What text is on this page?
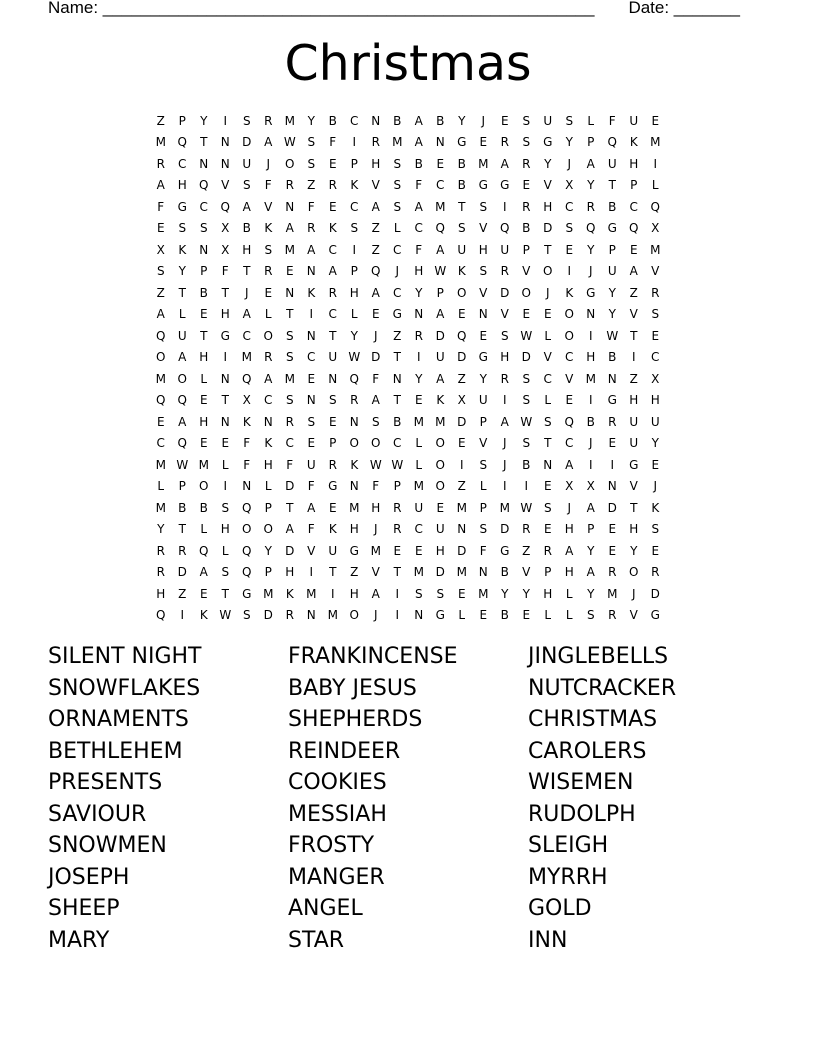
Name: ____________________________________________________ Date: _______
Christmas
Z	P	Y	I	S	R	M	Y	B	C	N	B	A	B	Y	J	E	S	U	S	L	F	U	E
M Q	T	N	D	A W S	F	I	R	M	A	N	G	E	R	S	G	Y	P	Q	K	M
R	C	N	N	U	J	O	S	E	P	H	S	B	E	B	M	A	R	Y	J	A	U	H	I
A	H	Q	V	S	F	R	Z	R	K	V	S	F	C	B	G	G	E	V	X	Y	T	P	L
F	G	C	Q	A	V	N	F	E	C	A	S	A	M	T	S	I	R	H	C	R	B	C	Q
E	S	S	X	B	K	A	R	K	S	Z	L	C	Q	S	V	Q	B	D	S	Q	G	Q	X
X	K	N	X	H	S	M	A	C	I	Z	C	F	A	U	H	U	P	T	E	Y	P	E	M
S	Y	P	F	T	R	E	N	A	P	Q	J	H W K	S	R	V	O	I	J	U	A	V
Z	T	B	T	J	E	N	K	R	H	A	C	Y	P	O	V	D	O	J	K	G	Y	Z	R
A	L	E	H	A	L	T	I	C	L	E	G	N	A	E	N	V	E	E	O	N	Y	V	S
Q	U	T	G	C	O	S	N	T	Y	J	Z	R	D	Q	E	S W	L	O	I	W T	E
O	A	H	I	M	R	S	C	U W D	T	I	U	D	G	H	D	V	C	H	B	I	C
M O	L	N	Q	A	M	E	N	Q	F	N	Y	A	Z	Y	R	S	C	V	M N	Z	X
Q	Q	E	T	X	C	S	N	S	R	A	T	E	K	X	U	I	S	L	E	I	G	H	H
E	A	H	N	K	N	R	S	E	N	S	B	M M D	P	A W S	Q	B	R	U	U
C	Q	E	E	F	K	C	E	P	O	O	C	L	O	E	V	J	S	T	C	J	E	U	Y
M W M	L	F	H	F	U	R	K W W	L	O	I	S	J	B	N	A	I	I	G	E
L	P	O	I	N	L	D	F	G	N	F	P	M O	Z	L	I	I	E	X	X	N	V	J
M	B	B	S	Q	P	T	A	E	M H	R	U	E	M	P	M W S	J	A	D	T	K
Y	T	L	H	O	O	A	F	K	H	J	R	C	U	N	S	D	R	E	H	P	E	H	S
R	R	Q	L	Q	Y	D	V	U	G M	E	E	H	D	F	G	Z	R	A	Y	E	Y	E
R	D	A	S	Q	P	H	I	T	Z	V	T	M D M N	B	V	P	H	A	R	O	R
H	Z	E	T	G M	K	M	I	H	A	I	S	S	E	M	Y	Y	H	L	Y	M	J	D
Q	I	K W S	D	R	N M O	J	I	N	G	L	E	B	E	L	L	S	R	V	G
SILENT NIGHT	FRANKINCENSE	JINGLEBELLS
SNOWFLAKES	BABY JESUS	NUTCRACKER
ORNAMENTS	SHEPHERDS	CHRISTMAS
BETHLEHEM	REINDEER	CAROLERS
PRESENTS	COOKIES	WISEMEN
SAVIOUR	MESSIAH	RUDOLPH
SNOWMEN	FROSTY	SLEIGH
JOSEPH	MANGER	MYRRH
SHEEP	ANGEL	GOLD
MARY	STAR	INN
